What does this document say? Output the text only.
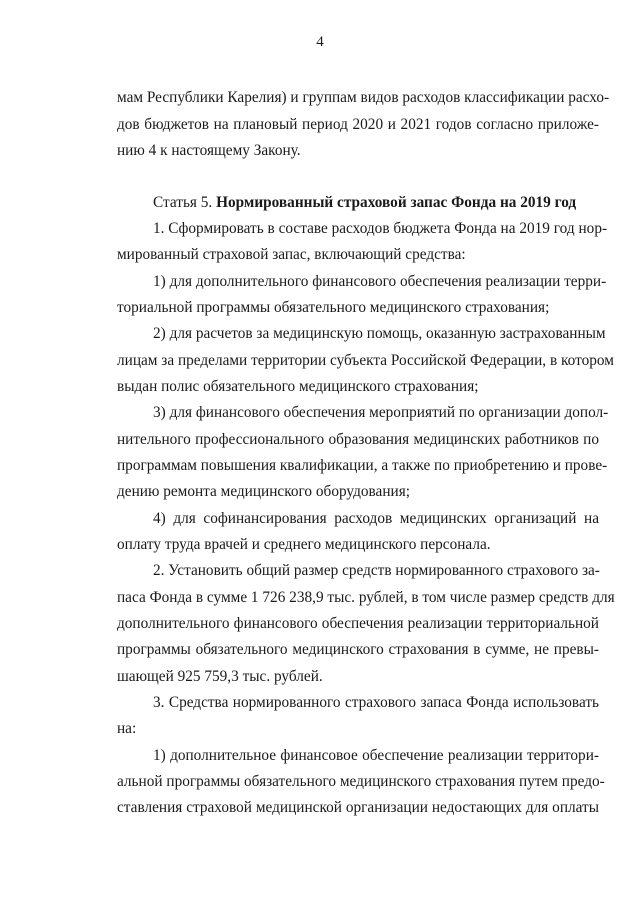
4
мам Республики Карелия) и группам видов расходов классификации расхо-
дов бюджетов на плановый период 2020 и 2021 годов согласно приложе-
нию 4 к настоящему Закону.
Статья 5. Нормированный страховой запас Фонда на 2019 год
1. Сформировать в составе расходов бюджета Фонда на 2019 год нор-
мированный страховой запас, включающий средства:
1) для дополнительного финансового обеспечения реализации терри-
ториальной программы обязательного медицинского страхования;
2) для расчетов за медицинскую помощь, оказанную застрахованным
лицам за пределами территории субъекта Российской Федерации, в котором
выдан полис обязательного медицинского страхования;
3) для финансового обеспечения мероприятий по организации допол-
нительного профессионального образования медицинских работников по
программам повышения квалификации, а также по приобретению и прове-
дению ремонта медицинского оборудования;
4) для софинансирования расходов медицинских организаций на
оплату труда врачей и среднего медицинского персонала.
2. Установить общий размер средств нормированного страхового за-
паса Фонда в сумме 1 726 238,9 тыс. рублей, в том числе размер средств для
дополнительного финансового обеспечения реализации территориальной
программы обязательного медицинского страхования в сумме, не превы-
шающей 925 759,3 тыс. рублей.
3. Средства нормированного страхового запаса Фонда использовать
на:
1) дополнительное финансовое обеспечение реализации территори-
альной программы обязательного медицинского страхования путем предо-
ставления страховой медицинской организации недостающих для оплаты
